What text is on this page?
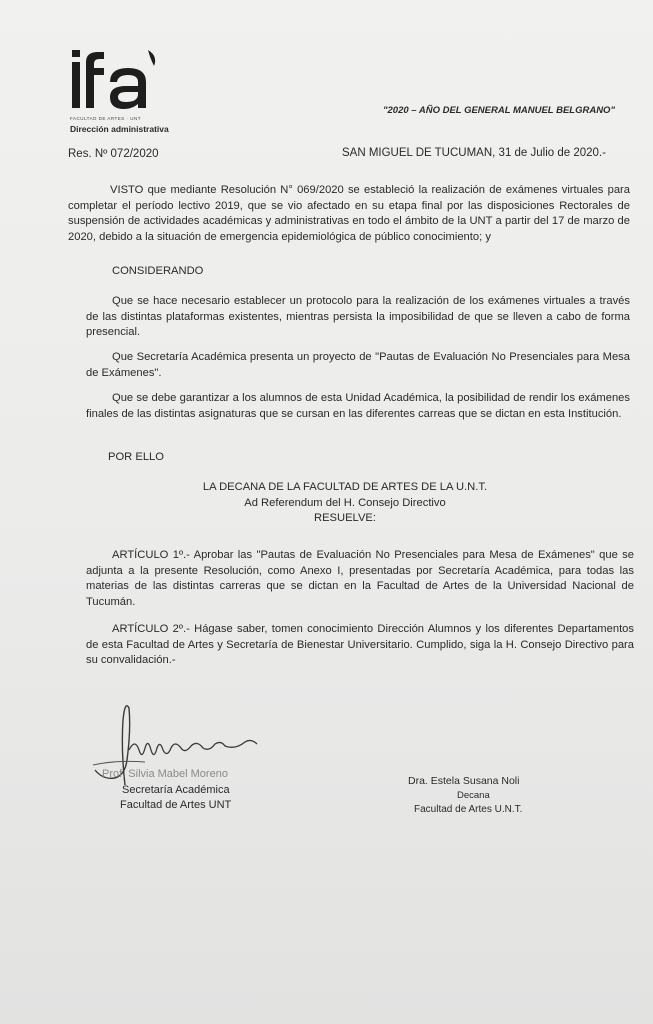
FACULTAD DE ARTES · UNT
Dirección administrativa
"2020 – AÑO DEL GENERAL MANUEL BELGRANO"
Res. Nº 072/2020	SAN MIGUEL DE TUCUMAN, 31 de Julio de 2020.-
VISTO que mediante Resolución N° 069/2020 se estableció la realización de exámenes virtuales para completar el período lectivo 2019, que se vio afectado en su etapa final por las disposiciones Rectorales de suspensión de actividades académicas y administrativas en todo el ámbito de la UNT a partir del 17 de marzo de 2020, debido a la situación de emergencia epidemiológica de público conocimiento; y
CONSIDERANDO
Que se hace necesario establecer un protocolo para la realización de los exámenes virtuales a través de las distintas plataformas existentes, mientras persista la imposibilidad de que se lleven a cabo de forma presencial.
Que Secretaría Académica presenta un proyecto de "Pautas de Evaluación No Presenciales para Mesa de Exámenes".
Que se debe garantizar a los alumnos de esta Unidad Académica, la posibilidad de rendir los exámenes finales de las distintas asignaturas que se cursan en las diferentes carreas que se dictan en esta Institución.
POR ELLO
LA DECANA DE LA FACULTAD DE ARTES DE LA U.N.T.
Ad Referendum del H. Consejo Directivo
RESUELVE:
ARTÍCULO 1º.- Aprobar las "Pautas de Evaluación No Presenciales para Mesa de Exámenes" que se adjunta a la presente Resolución, como Anexo I, presentadas por Secretaría Académica, para todas las materias de las distintas carreras que se dictan en la Facultad de Artes de la Universidad Nacional de Tucumán.
ARTÍCULO 2º.- Hágase saber, tomen conocimiento Dirección Alumnos y los diferentes Departamentos de esta Facultad de Artes y Secretaría de Bienestar Universitario. Cumplido, siga la H. Consejo Directivo para su convalidación.-
Prof. Silvia Mabel Moreno
Secretaría Académica
Facultad de Artes UNT
Dra. Estela Susana Noli
Decana
Facultad de Artes U.N.T.
